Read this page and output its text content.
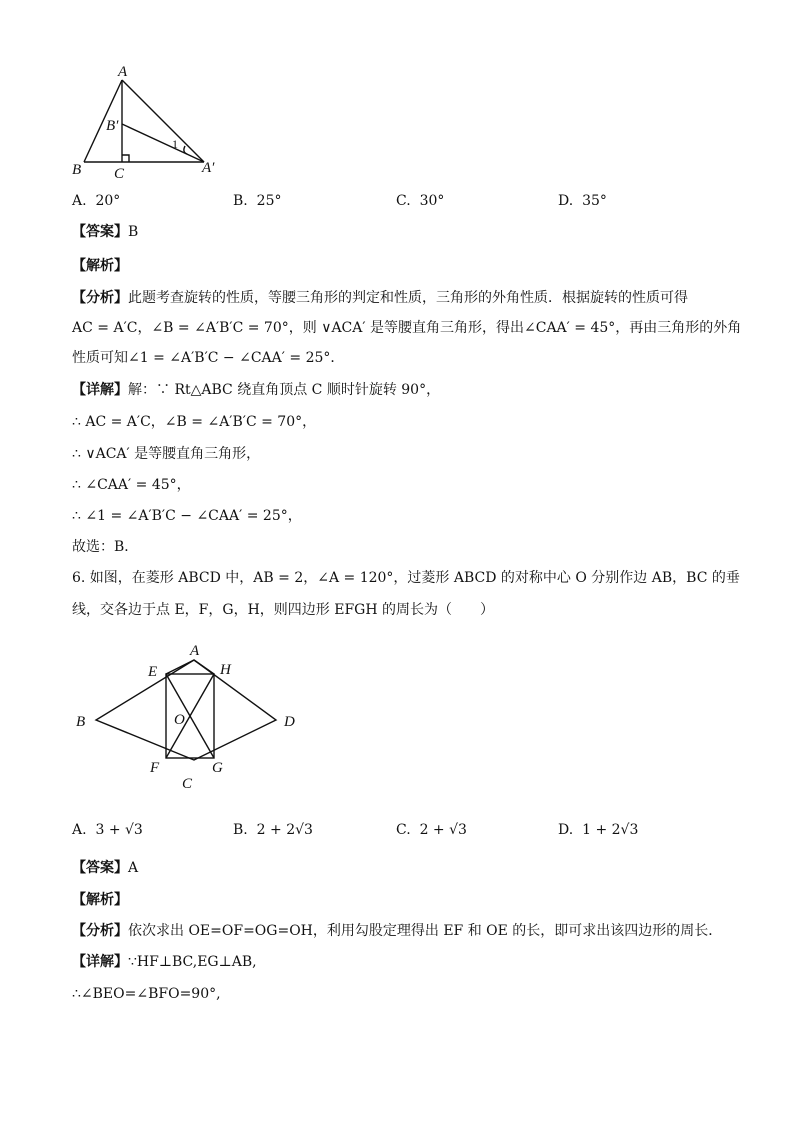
A
B
B′
C	A′
1
A. 20°	B. 25°	C. 30°	D. 35°
【答案】B
【解析】
【分析】此题考查旋转的性质，等腰三角形的判定和性质，三角形的外角性质．根据旋转的性质可得
AC = A′C，∠B = ∠A′B′C = 70°，则 ∨ACA′ 是等腰直角三角形，得出∠CAA′ = 45°，再由三角形的外角
性质可知∠1 = ∠A′B′C − ∠CAA′ = 25°．
【详解】解：∵ Rt△ABC 绕直角顶点 C 顺时针旋转 90°，
∴ AC = A′C，∠B = ∠A′B′C = 70°，
∴ ∨ACA′ 是等腰直角三角形，
∴ ∠CAA′ = 45°，
∴ ∠1 = ∠A′B′C − ∠CAA′ = 25°，
故选：B．
6. 如图，在菱形 ABCD 中，AB = 2，∠A = 120°，过菱形 ABCD 的对称中心 O 分别作边 AB，BC 的垂
线，交各边于点 E，F，G，H，则四边形 EFGH 的周长为（　　）
A
B
C
D
E
F	G
H
O
A. 3 + √3	B. 2 + 2√3	C. 2 + √3	D. 1 + 2√3
【答案】A
【解析】
【分析】依次求出 OE=OF=OG=OH，利用勾股定理得出 EF 和 OE 的长，即可求出该四边形的周长．
【详解】∵HF⊥BC,EG⊥AB,
∴∠BEO=∠BFO=90°,
